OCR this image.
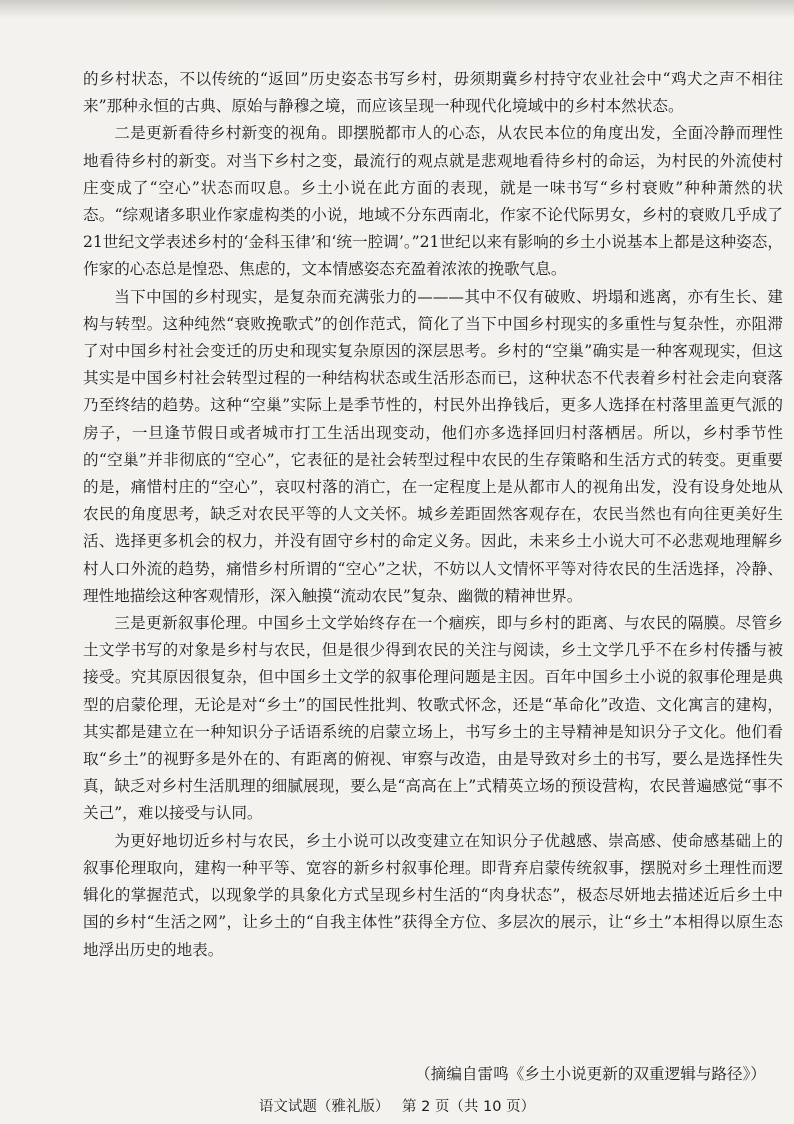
的乡村状态，不以传统的“返回”历史姿态书写乡村，毋须期冀乡村持守农业社会中“鸡犬之声不相往来”那种永恒的古典、原始与静穆之境，而应该呈现一种现代化境域中的乡村本然状态。

二是更新看待乡村新变的视角。即摆脱都市人的心态，从农民本位的角度出发，全面冷静而理性地看待乡村的新变。对当下乡村之变，最流行的观点就是悲观地看待乡村的命运，为村民的外流使村庄变成了“空心”状态而叹息。乡土小说在此方面的表现，就是一味书写“乡村衰败”种种萧然的状态。“综观诸多职业作家虚构类的小说，地域不分东西南北，作家不论代际男女，乡村的衰败几乎成了21世纪文学表述乡村的‘金科玉律’和‘统一腔调’。”21世纪以来有影响的乡土小说基本上都是这种姿态，作家的心态总是惶恐、焦虑的，文本情感姿态充盈着浓浓的挽歌气息。

当下中国的乡村现实，是复杂而充满张力的———其中不仅有破败、坍塌和逃离，亦有生长、建构与转型。这种纯然“衰败挽歌式”的创作范式，简化了当下中国乡村现实的多重性与复杂性，亦阻滞了对中国乡村社会变迁的历史和现实复杂原因的深层思考。乡村的“空巢”确实是一种客观现实，但这其实是中国乡村社会转型过程的一种结构状态或生活形态而已，这种状态不代表着乡村社会走向衰落乃至终结的趋势。这种“空巢”实际上是季节性的，村民外出挣钱后，更多人选择在村落里盖更气派的房子，一旦逢节假日或者城市打工生活出现变动，他们亦多选择回归村落栖居。所以，乡村季节性的“空巢”并非彻底的“空心”，它表征的是社会转型过程中农民的生存策略和生活方式的转变。更重要的是，痛惜村庄的“空心”，哀叹村落的消亡，在一定程度上是从都市人的视角出发，没有设身处地从农民的角度思考，缺乏对农民平等的人文关怀。城乡差距固然客观存在，农民当然也有向往更美好生活、选择更多机会的权力，并没有固守乡村的命定义务。因此，未来乡土小说大可不必悲观地理解乡村人口外流的趋势，痛惜乡村所谓的“空心”之状，不妨以人文情怀平等对待农民的生活选择，冷静、理性地描绘这种客观情形，深入触摸“流动农民”复杂、幽微的精神世界。

三是更新叙事伦理。中国乡土文学始终存在一个痼疾，即与乡村的距离、与农民的隔膜。尽管乡土文学书写的对象是乡村与农民，但是很少得到农民的关注与阅读，乡土文学几乎不在乡村传播与被接受。究其原因很复杂，但中国乡土文学的叙事伦理问题是主因。百年中国乡土小说的叙事伦理是典型的启蒙伦理，无论是对“乡土”的国民性批判、牧歌式怀念，还是“革命化”改造、文化寓言的建构，其实都是建立在一种知识分子话语系统的启蒙立场上，书写乡土的主导精神是知识分子文化。他们看取“乡土”的视野多是外在的、有距离的俯视、审察与改造，由是导致对乡土的书写，要么是选择性失真，缺乏对乡村生活肌理的细腻展现，要么是“高高在上”式精英立场的预设营构，农民普遍感觉“事不关己”，难以接受与认同。

为更好地切近乡村与农民，乡土小说可以改变建立在知识分子优越感、崇高感、使命感基础上的叙事伦理取向，建构一种平等、宽容的新乡村叙事伦理。即背弃启蒙传统叙事，摆脱对乡土理性而逻辑化的掌握范式，以现象学的具象化方式呈现乡村生活的“肉身状态”，极态尽妍地去描述近后乡土中国的乡村“生活之网”，让乡土的“自我主体性”获得全方位、多层次的展示，让“乡土”本相得以原生态地浮出历史的地表。

（摘编自雷鸣《乡土小说更新的双重逻辑与路径》）
语文试题（雅礼版） 第 2 页（共 10 页）
